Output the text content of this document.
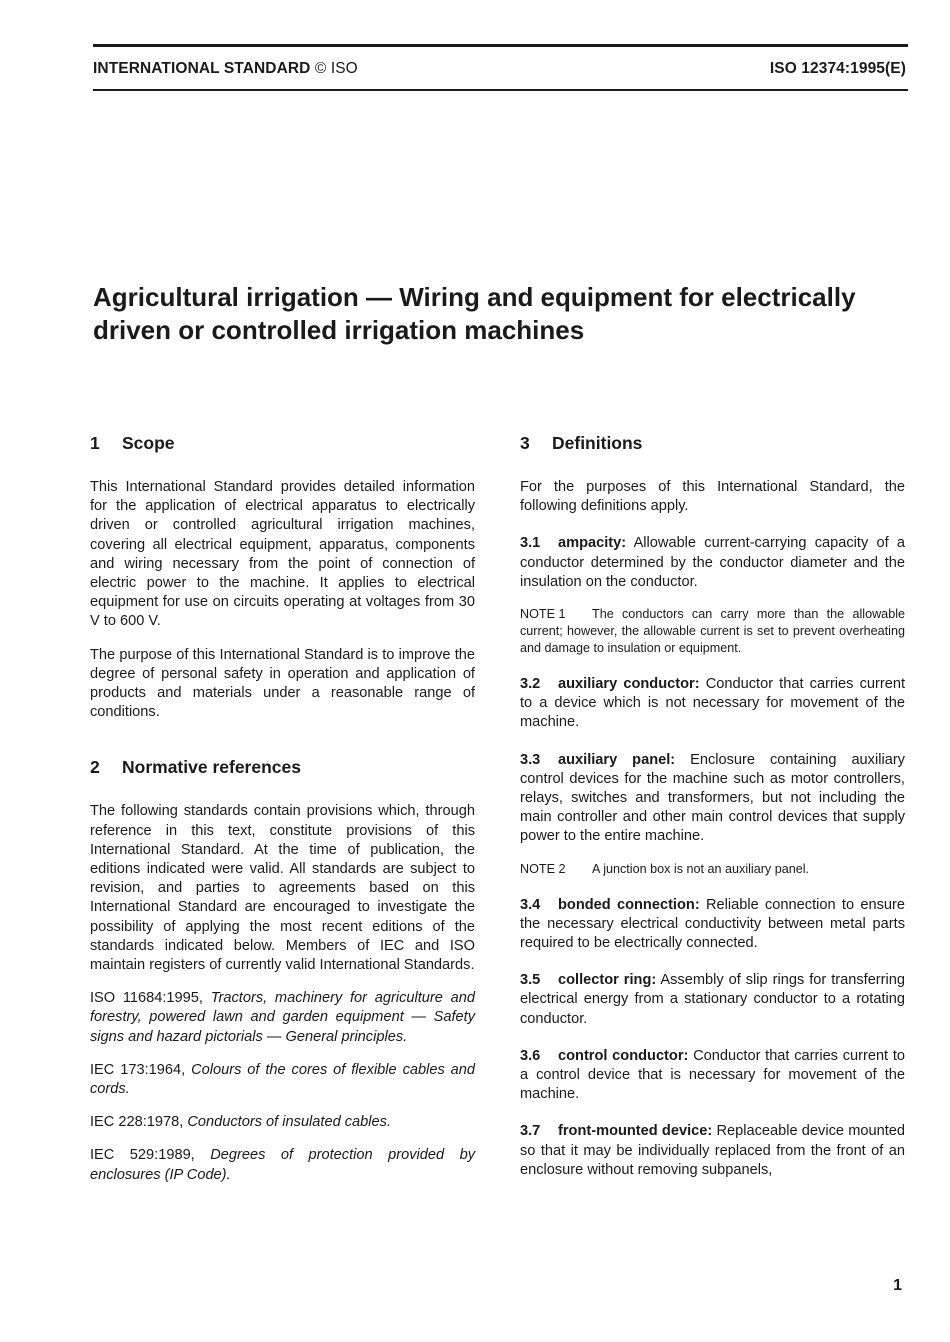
INTERNATIONAL STANDARD © ISO	ISO 12374:1995(E)
Agricultural irrigation — Wiring and equipment for electrically driven or controlled irrigation machines
1 Scope

This International Standard provides detailed information for the application of electrical apparatus to electrically driven or controlled agricultural irrigation machines, covering all electrical equipment, apparatus, components and wiring necessary from the point of connection of electric power to the machine. It applies to electrical equipment for use on circuits operating at voltages from 30 V to 600 V.

The purpose of this International Standard is to improve the degree of personal safety in operation and application of products and materials under a reasonable range of conditions.

2 Normative references

The following standards contain provisions which, through reference in this text, constitute provisions of this International Standard. At the time of publication, the editions indicated were valid. All standards are subject to revision, and parties to agreements based on this International Standard are encouraged to investigate the possibility of applying the most recent editions of the standards indicated below. Members of IEC and ISO maintain registers of currently valid International Standards.

ISO 11684:1995, Tractors, machinery for agriculture and forestry, powered lawn and garden equipment — Safety signs and hazard pictorials — General principles.

IEC 173:1964, Colours of the cores of flexible cables and cords.

IEC 228:1978, Conductors of insulated cables.

IEC 529:1989, Degrees of protection provided by enclosures (IP Code).

3 Definitions

For the purposes of this International Standard, the following definitions apply.

3.1 ampacity: Allowable current-carrying capacity of a conductor determined by the conductor diameter and the insulation on the conductor.

NOTE 1 The conductors can carry more than the allowable current; however, the allowable current is set to prevent overheating and damage to insulation or equipment.

3.2 auxiliary conductor: Conductor that carries current to a device which is not necessary for movement of the machine.

3.3 auxiliary panel: Enclosure containing auxiliary control devices for the machine such as motor controllers, relays, switches and transformers, but not including the main controller and other main control devices that supply power to the entire machine.

NOTE 2 A junction box is not an auxiliary panel.

3.4 bonded connection: Reliable connection to ensure the necessary electrical conductivity between metal parts required to be electrically connected.

3.5 collector ring: Assembly of slip rings for transferring electrical energy from a stationary conductor to a rotating conductor.

3.6 control conductor: Conductor that carries current to a control device that is necessary for movement of the machine.

3.7 front-mounted device: Replaceable device mounted so that it may be individually replaced from the front of an enclosure without removing subpanels,

1
